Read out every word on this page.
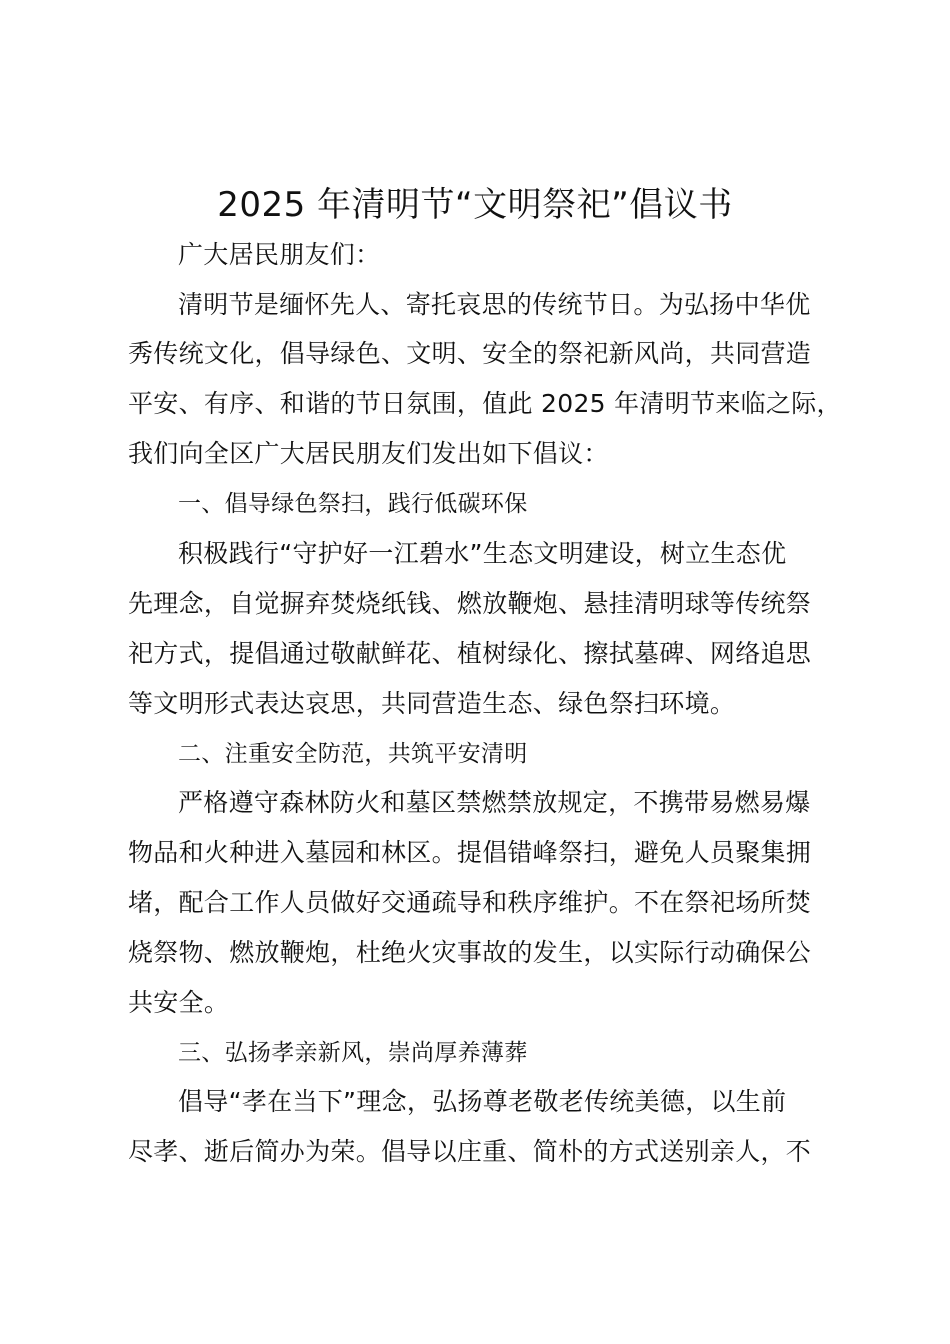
2025 年清明节“文明祭祀”倡议书
广大居民朋友们：
清明节是缅怀先人、寄托哀思的传统节日。为弘扬中华优
秀传统文化，倡导绿色、文明、安全的祭祀新风尚，共同营造
平安、有序、和谐的节日氛围，值此 2025 年清明节来临之际，
我们向全区广大居民朋友们发出如下倡议：
一、倡导绿色祭扫，践行低碳环保
积极践行“守护好一江碧水”生态文明建设，树立生态优
先理念，自觉摒弃焚烧纸钱、燃放鞭炮、悬挂清明球等传统祭
祀方式，提倡通过敬献鲜花、植树绿化、擦拭墓碑、网络追思
等文明形式表达哀思，共同营造生态、绿色祭扫环境。
二、注重安全防范，共筑平安清明
严格遵守森林防火和墓区禁燃禁放规定，不携带易燃易爆
物品和火种进入墓园和林区。提倡错峰祭扫，避免人员聚集拥
堵，配合工作人员做好交通疏导和秩序维护。不在祭祀场所焚
烧祭物、燃放鞭炮，杜绝火灾事故的发生，以实际行动确保公
共安全。
三、弘扬孝亲新风，崇尚厚养薄葬
倡导“孝在当下”理念，弘扬尊老敬老传统美德，以生前
尽孝、逝后简办为荣。倡导以庄重、简朴的方式送别亲人，不
